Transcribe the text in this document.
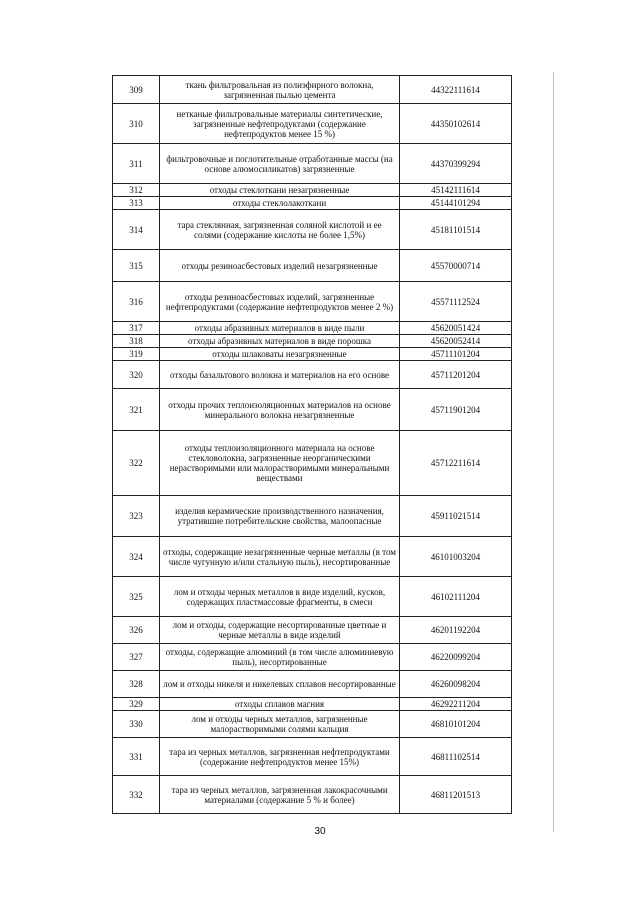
309	ткань фильтровальная из полиэфирного волокна, загрязненная пылью цемента	44322111614
310	нетканые фильтровальные материалы синтетические, загрязненные нефтепродуктами (содержание нефтепродуктов менее 15 %)	44350102614
311	фильтровочные и поглотительные отработанные массы (на основе алюмосиликатов) загрязненные	44370399294
312	отходы стеклоткани незагрязненные	45142111614
313	отходы стеклолакоткани	45144101294
314	тара стеклянная, загрязненная соляной кислотой и ее солями (содержание кислоты не более 1,5%)	45181101514
315	отходы резиноасбестовых изделий незагрязненные	45570000714
316	отходы резиноасбестовых изделий, загрязненные нефтепродуктами (содержание нефтепродуктов менее 2 %)	45571112524
317	отходы абразивных материалов в виде пыли	45620051424
318	отходы абразивных материалов в виде порошка	45620052414
319	отходы шлаковаты незагрязненные	45711101204
320	отходы базальтового волокна и материалов на его основе	45711201204
321	отходы прочих теплоизоляционных материалов на основе минерального волокна незагрязненные	45711901204
322	отходы теплоизоляционного материала на основе стекловолокна, загрязненные неорганическими нерастворимыми или малорастворимыми минеральными веществами	45712211614
323	изделия керамические производственного назначения, утратившие потребительские свойства, малоопасные	45911021514
324	отходы, содержащие незагрязненные черные металлы (в том числе чугунную и/или стальную пыль), несортированные	46101003204
325	лом и отходы черных металлов в виде изделий, кусков, содержащих пластмассовые фрагменты, в смеси	46102111204
326	лом и отходы, содержащие несортированные цветные и черные металлы в виде изделий	46201192204
327	отходы, содержащие алюминий (в том числе алюминиевую пыль), несортированные	46220099204
328	лом и отходы никеля и никелевых сплавов несортированные	46260098204
329	отходы сплавов магния	46292211204
330	лом и отходы черных металлов, загрязненные малорастворимыми солями кальция	46810101204
331	тара из черных металлов, загрязненная нефтепродуктами (содержание нефтепродуктов менее 15%)	46811102514
332	тара из черных металлов, загрязненная лакокрасочными материалами (содержание 5 % и более)	46811201513
30
